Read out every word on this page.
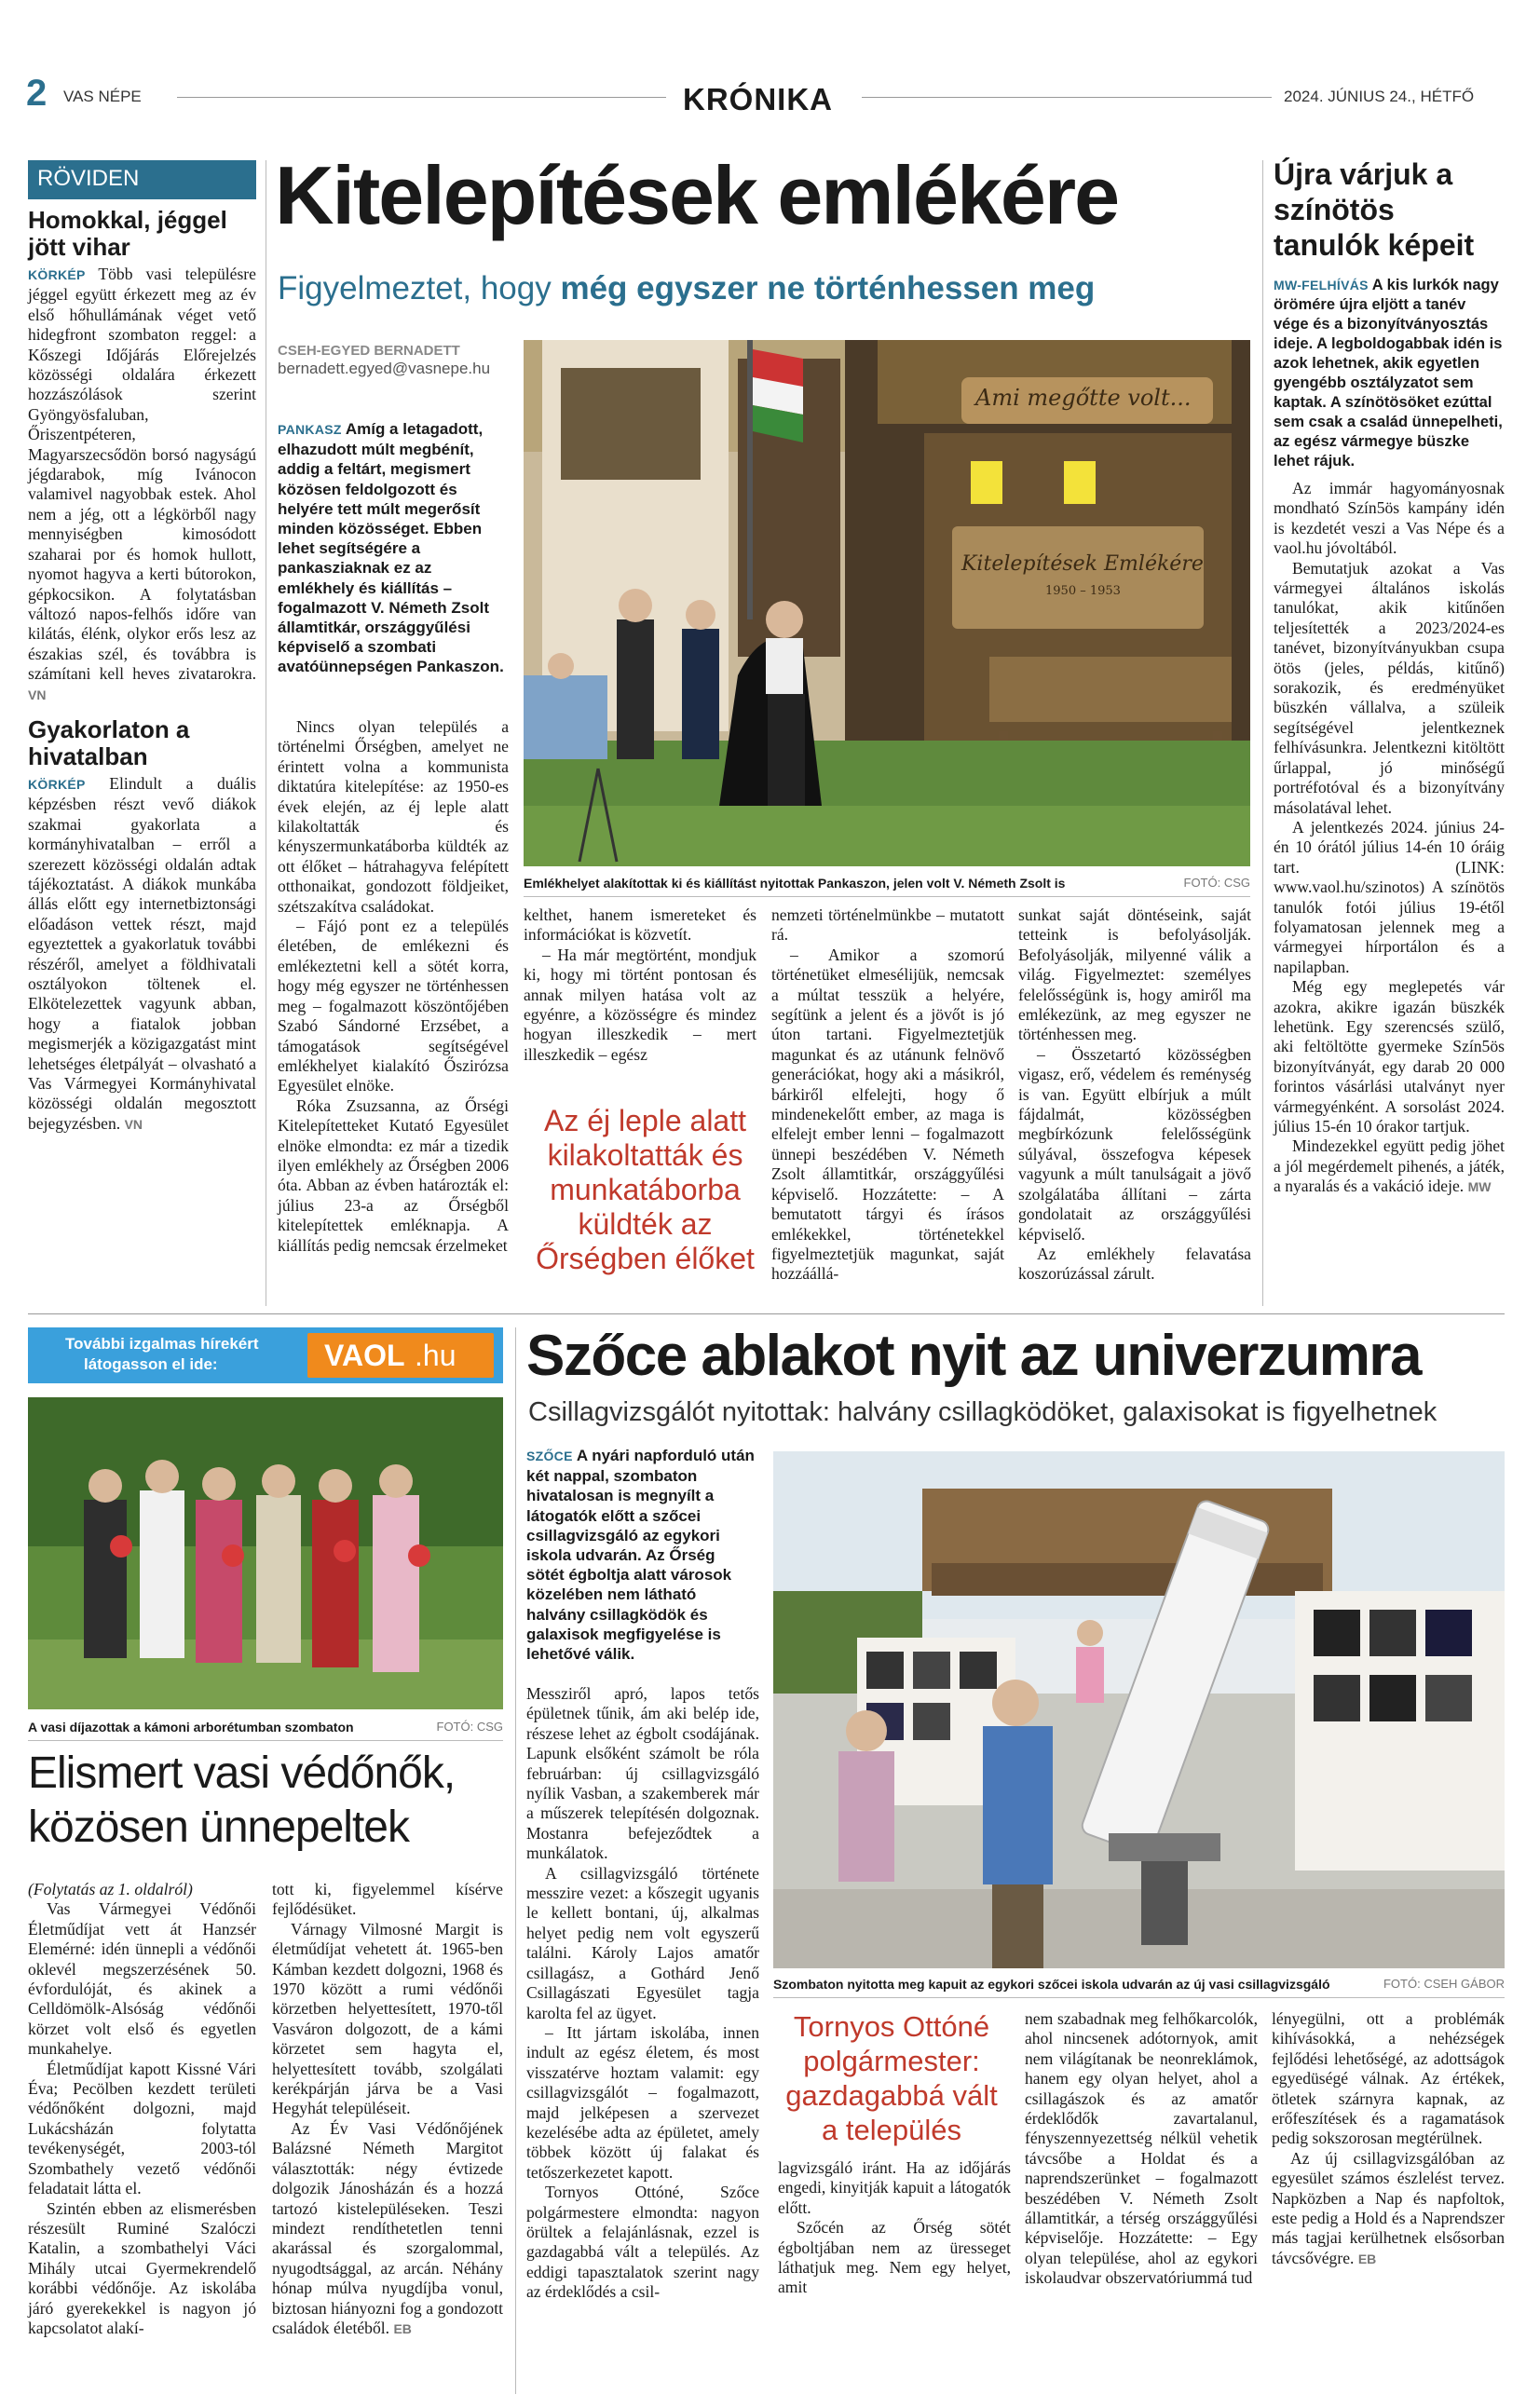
2 VAS NÉPE	KRÓNIKA	2024. JÚNIUS 24., HÉTFŐ
RÖVIDEN
Homokkal, jéggel jött vihar

KÖRKÉP Több vasi településre jéggel együtt érkezett meg az év első hőhullámának véget vető hidegfront szombaton reggel: a Kőszegi Időjárás Előrejelzés közösségi oldalára érkezett hozzászólások szerint Gyöngyösfaluban, Őriszentpéteren, Magyarszecsődön borsó nagyságú jégdarabok, míg Ivánocon valamivel nagyobbak estek. Ahol nem a jég, ott a légkörből nagy mennyiségben kimosódott szaharai por és homok hullott, nyomot hagyva a kerti bútorokon, gépkocsikon. A folytatásban változó napos-felhős időre van kilátás, élénk, olykor erős lesz az északias szél, és továbbra is számítani kell heves zivatarokra. VN

Gyakorlaton a hivatalban

KÖRKÉP Elindult a duális képzésben részt vevő diákok szakmai gyakorlata a kormányhivatalban – erről a szerezett közösségi oldalán adtak tájékoztatást. A diákok munkába állás előtt egy internetbiztonsági előadáson vettek részt, majd egyeztettek a gyakorlatuk további részéről, amelyet a földhivatali osztályokon töltenek el. Elkötelezettek vagyunk abban, hogy a fiatalok jobban megismerjék a közigazgatást mint lehetséges életpályát – olvasható a Vas Vármegyei Kormányhivatal közösségi oldalán megosztott bejegyzésben. VN

Kitelepítések emlékére
Figyelmeztet, hogy még egyszer ne történhessen meg
CSEH-EGYED BERNADETT
bernadett.egyed@vasnepe.hu
PANKASZ Amíg a letagadott, elhazudott múlt megbénít, addig a feltárt, megismert közösen feldolgozott és helyére tett múlt megerősít minden közösséget. Ebben lehet segítségére a pankasziaknak ez az emlékhely és kiállítás – fogalmazott V. Németh Zsolt államtitkár, országgyűlési képviselő a szombati avatóünnepségen Pankaszon.

Nincs olyan település a történelmi Őrségben, amelyet ne érintett volna a kommunista diktatúra kitelepítése: az 1950-es évek elején, az éj leple alatt kilakoltatták és kényszermunkatáborba küldték az ott élőket – hátrahagyva felépített otthonaikat, gondozott földjeiket, szétszakítva családokat.

– Fájó pont ez a település életében, de emlékezni és emlékeztetni kell a sötét korra, hogy még egyszer ne történhessen meg – fogalmazott köszöntőjében Szabó Sándorné Erzsébet, a támogatások segítségével emlékhelyet kialakító Őszirózsa Egyesület elnöke.

Róka Zsuzsanna, az Őrségi Kitelepítetteket Kutató Egyesület elnöke elmondta: ez már a tizedik ilyen emlékhely az Őrségben 2006 óta. Abban az évben határozták el: július 23-a az Őrségből kitelepítettek emléknapja. A kiállítás pedig nemcsak érzelmeket

Ami megőtte volt...
Kitelepítések Emlékére
1950 – 1953
Emlékhelyet alakítottak ki és kiállítást nyitottak Pankaszon, jelen volt V. Németh Zsolt is	FOTÓ: CSG

kelthet, hanem ismereteket és információkat is közvetít.

– Ha már megtörtént, mondjuk ki, hogy mi történt pontosan és annak milyen hatása volt az egyénre, a közösségre és mindez hogyan illeszkedik – mert illeszkedik – egész

Az éj leple alatt kilakoltatták és munkatáborba küldték az Őrségben élőket

nemzeti történelmünkbe – mutatott rá.

– Amikor a szomorú történetüket elmesélijük, nemcsak a múltat tesszük a helyére, segítünk a jelent és a jövőt is jó úton tartani. Figyelmeztetjük magunkat és az utánunk felnövő generációkat, hogy aki a másikról, bárkiről elfelejti, hogy ő mindenekelőtt ember, az maga is elfelejt ember lenni – fogalmazott ünnepi beszédében V. Németh Zsolt államtitkár, országgyűlési képviselő. Hozzátette: – A bemutatott tárgyi és írásos emlékekkel, történetekkel figyelmeztetjük magunkat, saját hozzáállá-

sunkat saját döntéseink, saját tetteink is befolyásolják. Befolyásolják, milyenné válik a világ. Figyelmeztet: személyes felelősségünk is, hogy amiről ma emlékezünk, az meg egyszer ne történhessen meg.

– Összetartó közösségben vigasz, erő, védelem és reménység is van. Együtt elbírjuk a múlt fájdalmát, közösségben megbírkózunk felelősségünk súlyával, összefogva képesek vagyunk a múlt tanulságait a jövő szolgálatába állítani – zárta gondolatait az országgyűlési képviselő.

Az emlékhely felavatása koszorúzással zárult.

Újra várjuk a színötös tanulók képeit
MW-FELHÍVÁS A kis lurkók nagy örömére újra eljött a tanév vége és a bizonyítványosztás ideje. A legboldogabbak idén is azok lehetnek, akik egyetlen gyengébb osztályzatot sem kaptak. A színötösöket ezúttal sem csak a család ünnepelheti, az egész vármegye büszke lehet rájuk.

Az immár hagyományosnak mondható Szín5ös kampány idén is kezdetét veszi a Vas Népe és a vaol.hu jóvoltából.

Bemutatjuk azokat a Vas vármegyei általános iskolás tanulókat, akik kitűnően teljesítették a 2023/2024-es tanévet, bizonyítványukban csupa ötös (jeles, példás, kitűnő) sorakozik, és eredményüket büszkén vállalva, a szüleik segítségével jelentkeznek felhívásunkra. Jelentkezni kitöltött űrlappal, jó minőségű portréfotóval és a bizonyítvány másolatával lehet.

A jelentkezés 2024. június 24-én 10 órától július 14-én 10 óráig tart. (LINK: www.vaol.hu/szinotos) A színötös tanulók fotói július 19-étől folyamatosan jelennek meg a vármegyei hírportálon és a napilapban.

Még egy meglepetés vár azokra, akikre igazán büszkék lehetünk. Egy szerencsés szülő, aki feltöltötte gyermeke Szín5ös bizonyítványát, egy darab 20 000 forintos vásárlási utalványt nyer vármegyénként. A sorsolást 2024. július 15-én 10 órakor tartjuk.

Mindezekkel együtt pedig jöhet a jól megérdemelt pihenés, a játék, a nyaralás és a vakáció ideje. MW

További izgalmas hírekért
látogasson el ide:	VAOL .hu
A vasi díjazottak a kámoni arborétumban szombaton	FOTÓ: CSG
Elismert vasi védőnők, közösen ünnepeltek

(Folytatás az 1. oldalról)

Vas Vármegyei Védőnői Életműdíjat vett át Hanzsér Elemérné: idén ünnepli a védőnői oklevél megszerzésének 50. évfordulóját, és akinek a Celldömölk-Alsóság védőnői körzet volt első és egyetlen munkahelye.

Életműdíjat kapott Kissné Vári Éva; Pecölben kezdett területi védőnőként dolgozni, majd Lukácsházán folytatta tevékenységét, 2003-tól Szombathely vezető védőnői feladatait látta el.

Szintén ebben az elismerésben részesült Ruminé Szalóczi Katalin, a szombathelyi Váci Mihály utcai Gyermekrendelő korábbi védőnője. Az iskolába járó gyerekekkel is nagyon jó kapcsolatot alakí-

tott ki, figyelemmel kísérve fejlődésüket.

Várnagy Vilmosné Margit is életműdíjat vehetett át. 1965-ben Kámban kezdett dolgozni, 1968 és 1970 között a rumi védőnői körzetben helyettesített, 1970-től Vasváron dolgozott, de a kámi körzetet sem hagyta el, helyettesített tovább, szolgálati kerékpárján járva be a Vasi Hegyhát településeit.

Az Év Vasi Védőnőjének Balázsné Németh Margitot választották: négy évtizede dolgozik Jánosházán és a hozzá tartozó kistelepüléseken. Teszi mindezt rendíthetetlen tenni akarással és szorgalommal, nyugodtsággal, az arcán. Néhány hónap múlva nyugdíjba vonul, biztosan hiányozni fog a gondozott családok életéből. EB

Szőce ablakot nyit az univerzumra
Csillagvizsgálót nyitottak: halvány csillagködöket, galaxisokat is figyelhetnek
SZŐCE A nyári napforduló után két nappal, szombaton hivatalosan is megnyílt a látogatók előtt a szőcei csillagvizsgáló az egykori iskola udvarán. Az Őrség sötét égboltja alatt városok közelében nem látható halvány csillagködök és galaxisok megfigyelése is lehetővé válik.

Messziről apró, lapos tetős épületnek tűnik, ám aki belép ide, részese lehet az égbolt csodájának. Lapunk elsőként számolt be róla februárban: új csillagvizsgáló nyílik Vasban, a szakemberek már a műszerek telepítésén dolgoznak. Mostanra befejeződtek a munkálatok.

A csillagvizsgáló története messzire vezet: a kőszegit ugyanis le kellett bontani, új, alkalmas helyet pedig nem volt egyszerű találni. Károly Lajos amatőr csillagász, a Gothárd Jenő Csillagászati Egyesület tagja karolta fel az ügyet.

– Itt jártam iskolába, innen indult az egész életem, és most visszatérve hoztam valamit: egy csillagvizsgálót – fogalmazott, majd jelképesen a szervezet kezelésébe adta az épületet, amely többek között új falakat és tetőszerkezetet kapott.

Tornyos Ottóné, Szőce polgármestere elmondta: nagyon örültek a felajánlásnak, ezzel is gazdagabbá vált a település. Az eddigi tapasztalatok szerint nagy az érdeklődés a csil-

Szombaton nyitotta meg kapuit az egykori szőcei iskola udvarán az új vasi csillagvizsgáló	FOTÓ: CSEH GÁBOR
Tornyos Ottóné polgármester: gazdagabbá vált a település

lagvizsgáló iránt. Ha az időjárás engedi, kinyitják kapuit a látogatók előtt.

Szőcén az Őrség sötét égboltjában nem az üresseget láthatjuk meg. Nem egy helyet, amit

nem szabadnak meg felhőkarcolók, ahol nincsenek adótornyok, amit nem világítanak be neonreklámok, hanem egy olyan helyet, ahol a csillagászok és az amatőr érdeklődők zavartalanul, fényszennyezettség nélkül vehetik távcsőbe a Holdat és a naprendszerünket – fogalmazott beszédében V. Németh Zsolt államtitkár, a térség országgyűlési képviselője. Hozzátette: – Egy olyan települése, ahol az egykori iskolaudvar obszervatóriummá tud

lényegülni, ott a problémák kihívásokká, a nehézségek fejlődési lehetőségé, az adottságok egyedüségé válnak. Az értékek, ötletek szárnyra kapnak, az erőfeszítések és a ragamatások pedig sokszorosan megtérülnek.

Az új csillagvizsgálóban az egyesület számos észlelést tervez. Napközben a Nap és napfoltok, este pedig a Hold és a Naprendszer más tagjai kerülhetnek elsősorban távcsővégre. EB
